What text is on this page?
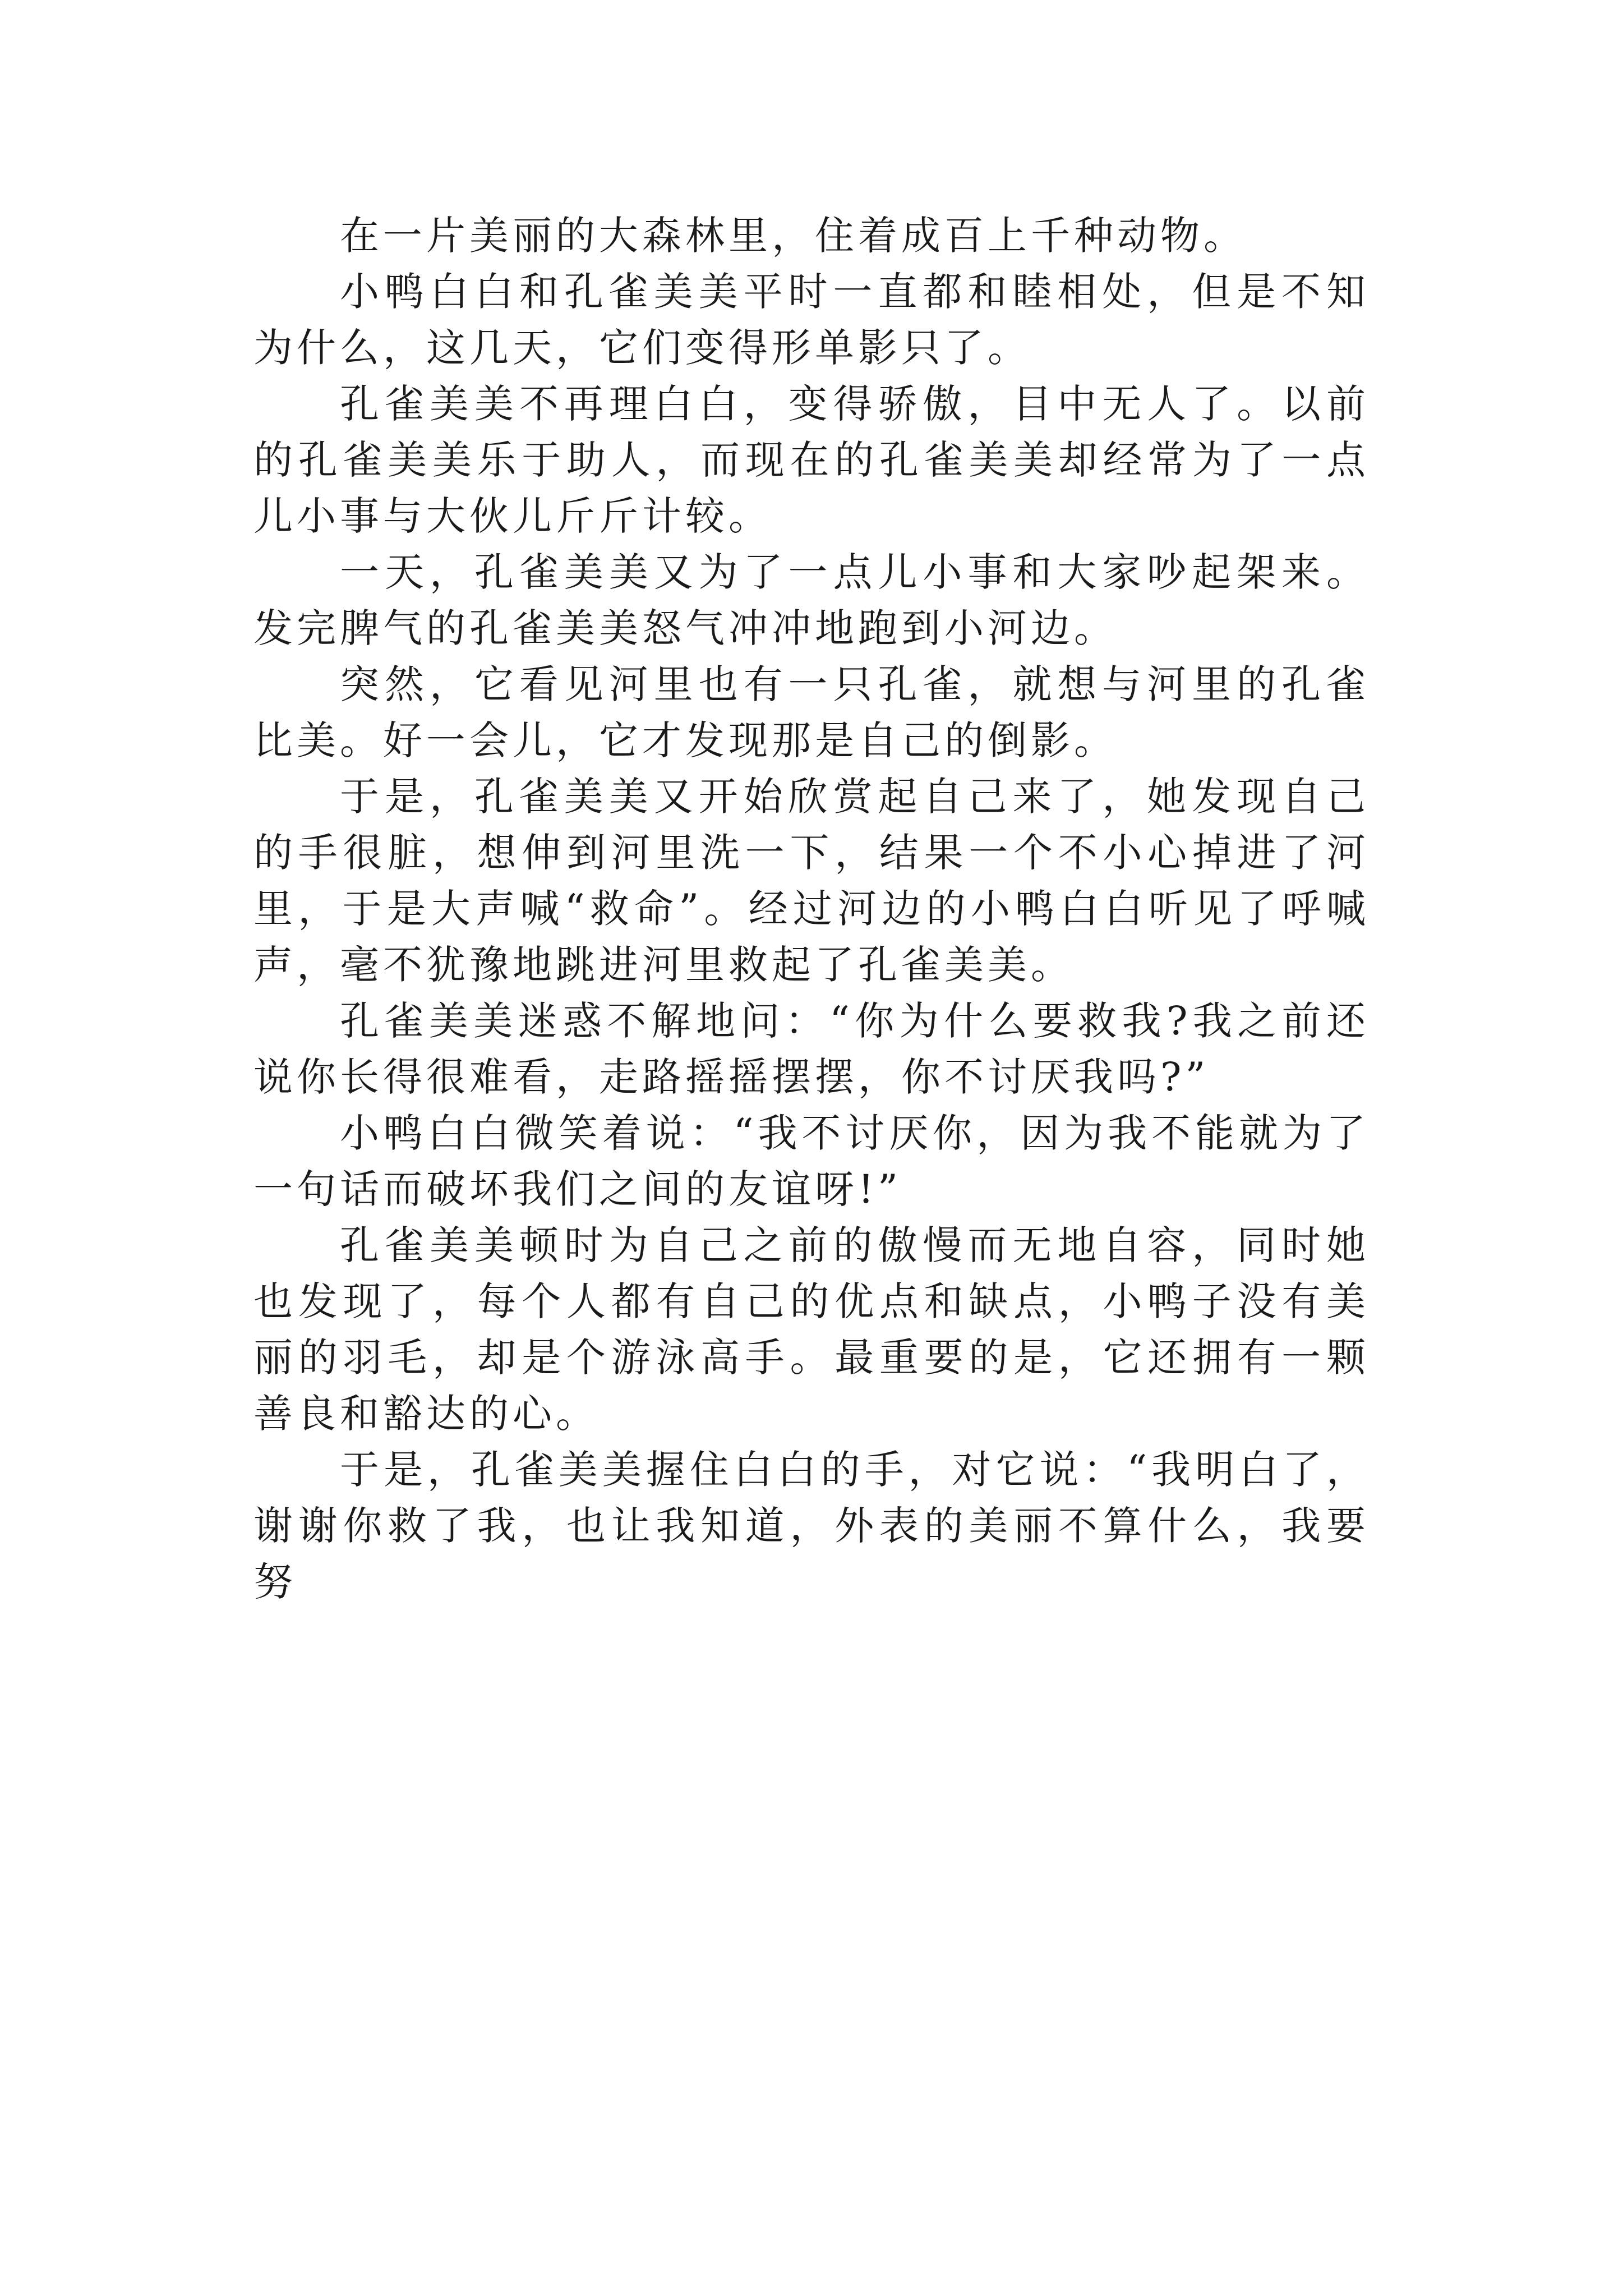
在一片美丽的大森林里，住着成百上千种动物。

小鸭白白和孔雀美美平时一直都和睦相处，但是不知为什么，这几天，它们变得形单影只了。

孔雀美美不再理白白，变得骄傲，目中无人了。以前的孔雀美美乐于助人，而现在的孔雀美美却经常为了一点儿小事与大伙儿斤斤计较。

一天，孔雀美美又为了一点儿小事和大家吵起架来。发完脾气的孔雀美美怒气冲冲地跑到小河边。

突然，它看见河里也有一只孔雀，就想与河里的孔雀比美。好一会儿，它才发现那是自己的倒影。

于是，孔雀美美又开始欣赏起自己来了，她发现自己的手很脏，想伸到河里洗一下，结果一个不小心掉进了河里，于是大声喊“救命”。经过河边的小鸭白白听见了呼喊声，毫不犹豫地跳进河里救起了孔雀美美。

孔雀美美迷惑不解地问：“你为什么要救我?我之前还说你长得很难看，走路摇摇摆摆，你不讨厌我吗?”

小鸭白白微笑着说：“我不讨厌你，因为我不能就为了一句话而破坏我们之间的友谊呀!”

孔雀美美顿时为自己之前的傲慢而无地自容，同时她也发现了，每个人都有自己的优点和缺点，小鸭子没有美丽的羽毛，却是个游泳高手。最重要的是，它还拥有一颗善良和豁达的心。

于是，孔雀美美握住白白的手，对它说：“我明白了，谢谢你救了我，也让我知道，外表的美丽不算什么，我要努
